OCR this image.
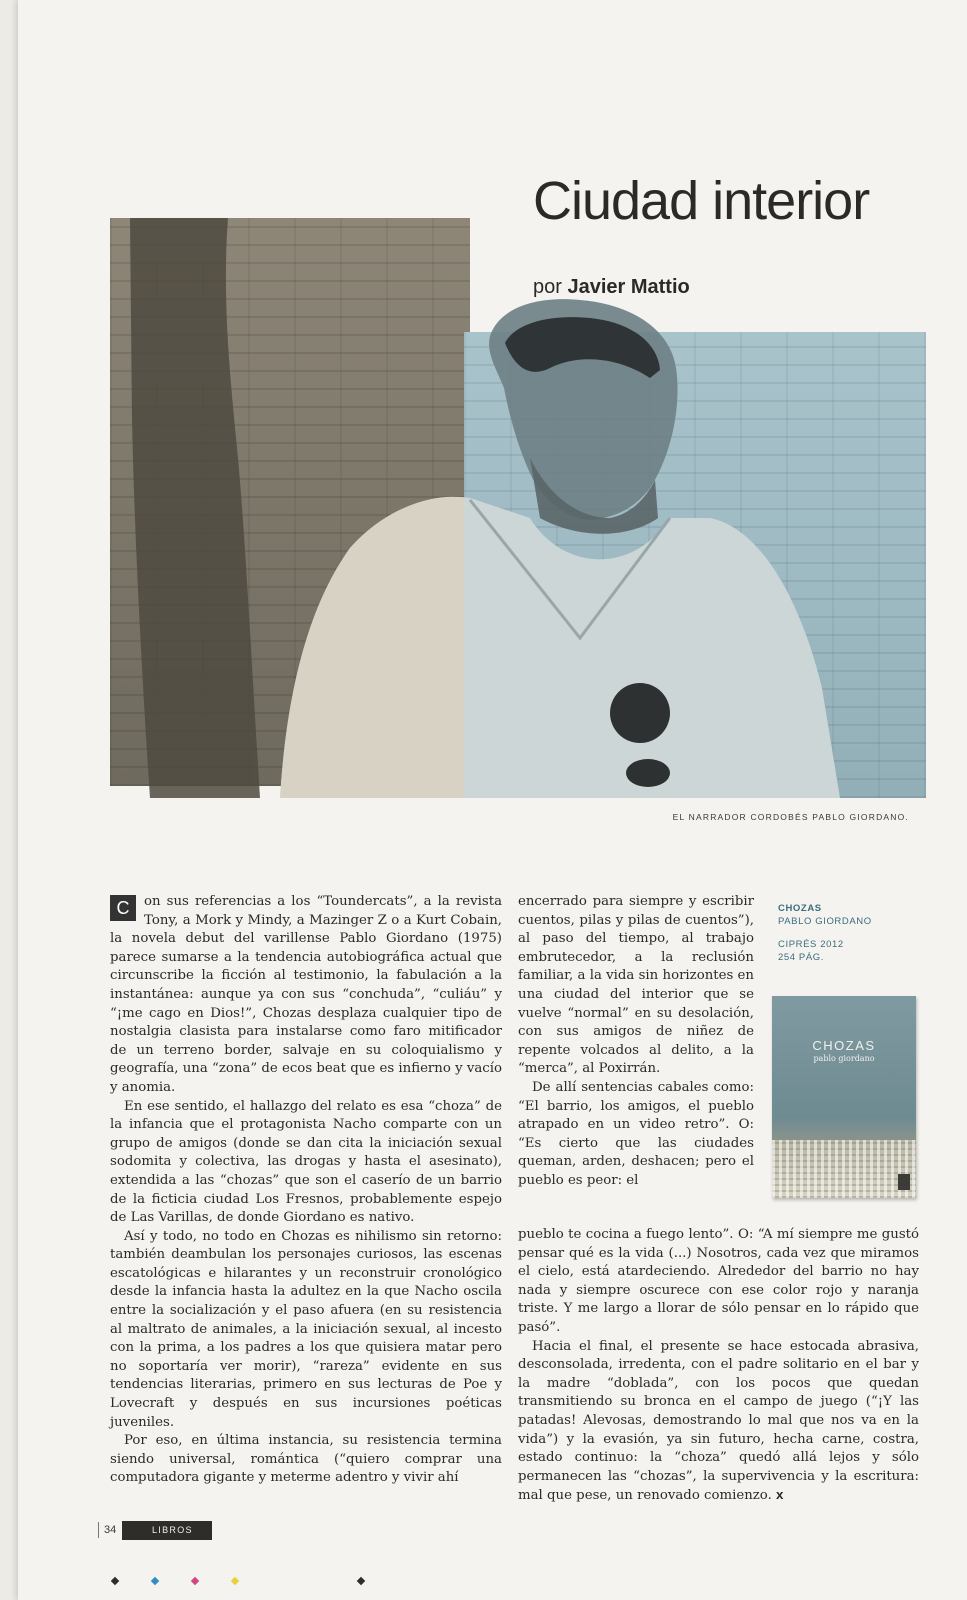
Ciudad interior
por Javier Mattio
EL NARRADOR CORDOBÉS PABLO GIORDANO.

C	on sus referencias a los “Toundercats”, a la revista Tony, a Mork y Mindy, a Mazinger Z o a Kurt Cobain, la novela debut del varillense Pablo Giordano (1975) parece sumarse a la tendencia autobiográfica actual que circunscribe la ficción al testimonio, la fabulación a la instantánea: aunque ya con sus “conchuda”, “culiáu” y “¡me cago en Dios!”, Chozas desplaza cualquier tipo de nostalgia clasista para instalarse como faro mitificador de un terreno border, salvaje en su coloquialismo y geografía, una “zona” de ecos beat que es infierno y vacío y anomia.

En ese sentido, el hallazgo del relato es esa “choza” de la infancia que el protagonista Nacho comparte con un grupo de amigos (donde se dan cita la iniciación sexual sodomita y colectiva, las drogas y hasta el asesinato), extendida a las “chozas” que son el caserío de un barrio de la ficticia ciudad Los Fresnos, probablemente espejo de Las Varillas, de donde Giordano es nativo.

Así y todo, no todo en Chozas es nihilismo sin retorno: también deambulan los personajes curiosos, las escenas escatológicas e hilarantes y un reconstruir cronológico desde la infancia hasta la adultez en la que Nacho oscila entre la socialización y el paso afuera (en su resistencia al maltrato de animales, a la iniciación sexual, al incesto con la prima, a los padres a los que quisiera matar pero no soportaría ver morir), “rareza” evidente en sus tendencias literarias, primero en sus lecturas de Poe y Lovecraft y después en sus incursiones poéticas juveniles.

Por eso, en última instancia, su resistencia termina siendo universal, romántica (“quiero comprar una computadora gigante y meterme adentro y vivir ahí

encerrado para siempre y escribir cuentos, pilas y pilas de cuentos”), al paso del tiempo, al trabajo embrutecedor, a la reclusión familiar, a la vida sin horizontes en una ciudad del interior que se vuelve “normal” en su desolación, con sus amigos de niñez de repente volcados al delito, a la “merca”, al Poxirrán.

De allí sentencias cabales como: “El barrio, los amigos, el pueblo atrapado en un video retro”. O: “Es cierto que las ciudades queman, arden, deshacen; pero el pueblo es peor: el

pueblo te cocina a fuego lento”. O: “A mí siempre me gustó pensar qué es la vida (...) Nosotros, cada vez que miramos el cielo, está atardeciendo. Alrededor del barrio no hay nada y siempre oscurece con ese color rojo y naranja triste. Y me largo a llorar de sólo pensar en lo rápido que pasó”.

Hacia el final, el presente se hace estocada abrasiva, desconsolada, irredenta, con el padre solitario en el bar y la madre “doblada”, con los pocos que quedan transmitiendo su bronca en el campo de juego (“¡Y las patadas! Alevosas, demostrando lo mal que nos va en la vida”) y la evasión, ya sin futuro, hecha carne, costra, estado continuo: la “choza” quedó allá lejos y sólo permanecen las “chozas”, la supervivencia y la escritura: mal que pese, un renovado comienzo. x

CHOZAS
PABLO GIORDANO
CIPRÉS 2012
254 PÁG.
CHOZAS
pablo giordano
34	LIBROS
